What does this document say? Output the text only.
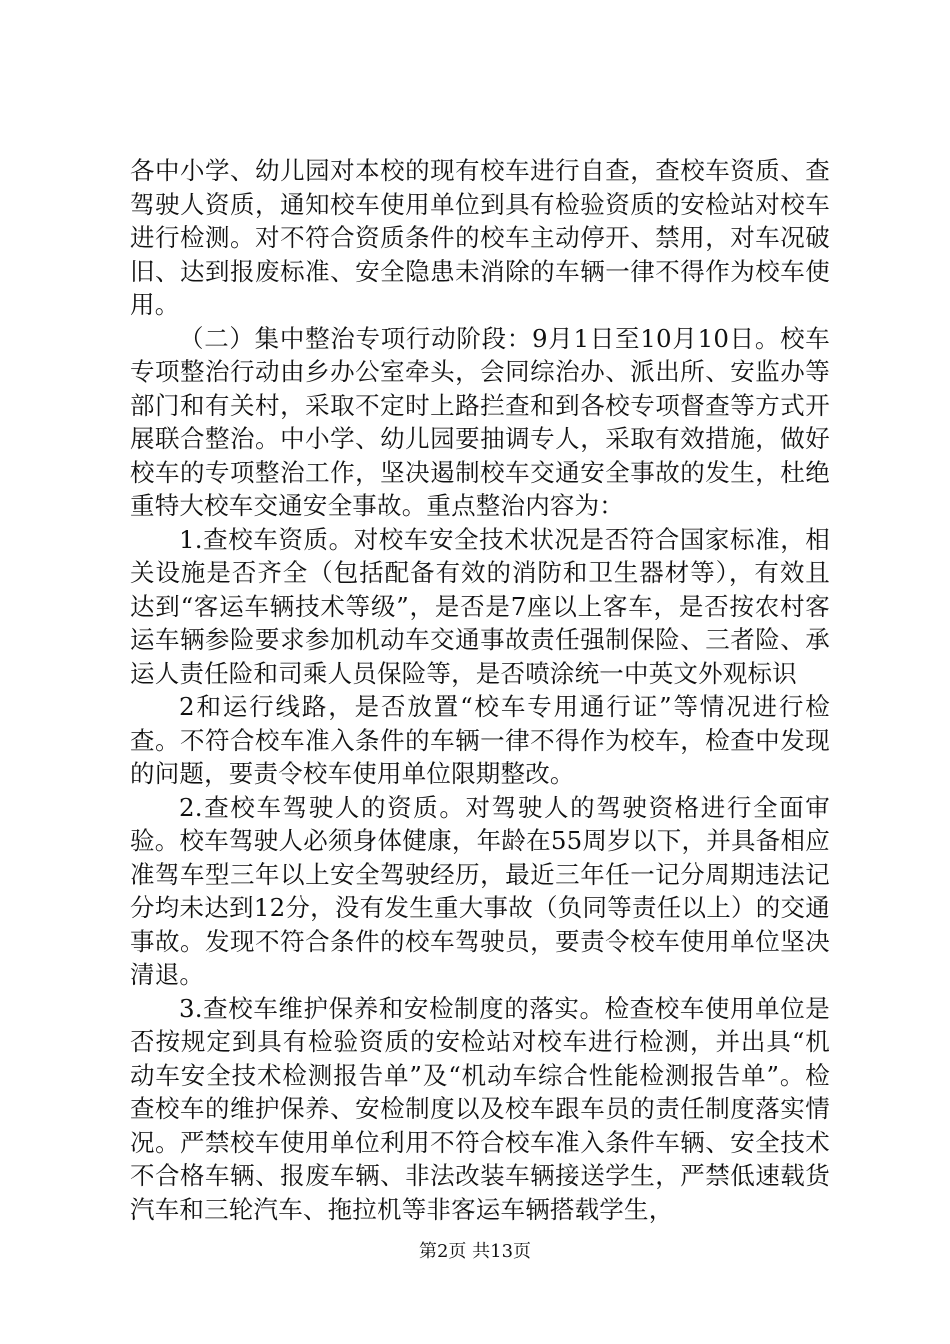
各中小学、幼儿园对本校的现有校车进行自查，查校车资质、查驾驶人资质，通知校车使用单位到具有检验资质的安检站对校车进行检测。对不符合资质条件的校车主动停开、禁用，对车况破旧、达到报废标准、安全隐患未消除的车辆一律不得作为校车使用。

（二）集中整治专项行动阶段：9月1日至10月10日。校车专项整治行动由乡办公室牵头，会同综治办、派出所、安监办等部门和有关村，采取不定时上路拦查和到各校专项督查等方式开展联合整治。中小学、幼儿园要抽调专人，采取有效措施，做好校车的专项整治工作，坚决遏制校车交通安全事故的发生，杜绝重特大校车交通安全事故。重点整治内容为：

1.查校车资质。对校车安全技术状况是否符合国家标准，相关设施是否齐全（包括配备有效的消防和卫生器材等），有效且达到“客运车辆技术等级”，是否是7座以上客车，是否按农村客运车辆参险要求参加机动车交通事故责任强制保险、三者险、承运人责任险和司乘人员保险等，是否喷涂统一中英文外观标识

2和运行线路，是否放置“校车专用通行证”等情况进行检查。不符合校车准入条件的车辆一律不得作为校车，检查中发现的问题，要责令校车使用单位限期整改。

2.查校车驾驶人的资质。对驾驶人的驾驶资格进行全面审验。校车驾驶人必须身体健康，年龄在55周岁以下，并具备相应准驾车型三年以上安全驾驶经历，最近三年任一记分周期违法记分均未达到12分，没有发生重大事故（负同等责任以上）的交通事故。发现不符合条件的校车驾驶员，要责令校车使用单位坚决清退。

3.查校车维护保养和安检制度的落实。检查校车使用单位是否按规定到具有检验资质的安检站对校车进行检测，并出具“机动车安全技术检测报告单”及“机动车综合性能检测报告单”。检查校车的维护保养、安检制度以及校车跟车员的责任制度落实情况。严禁校车使用单位利用不符合校车准入条件车辆、安全技术不合格车辆、报废车辆、非法改装车辆接送学生，严禁低速载货汽车和三轮汽车、拖拉机等非客运车辆搭载学生，

第2页 共13页
